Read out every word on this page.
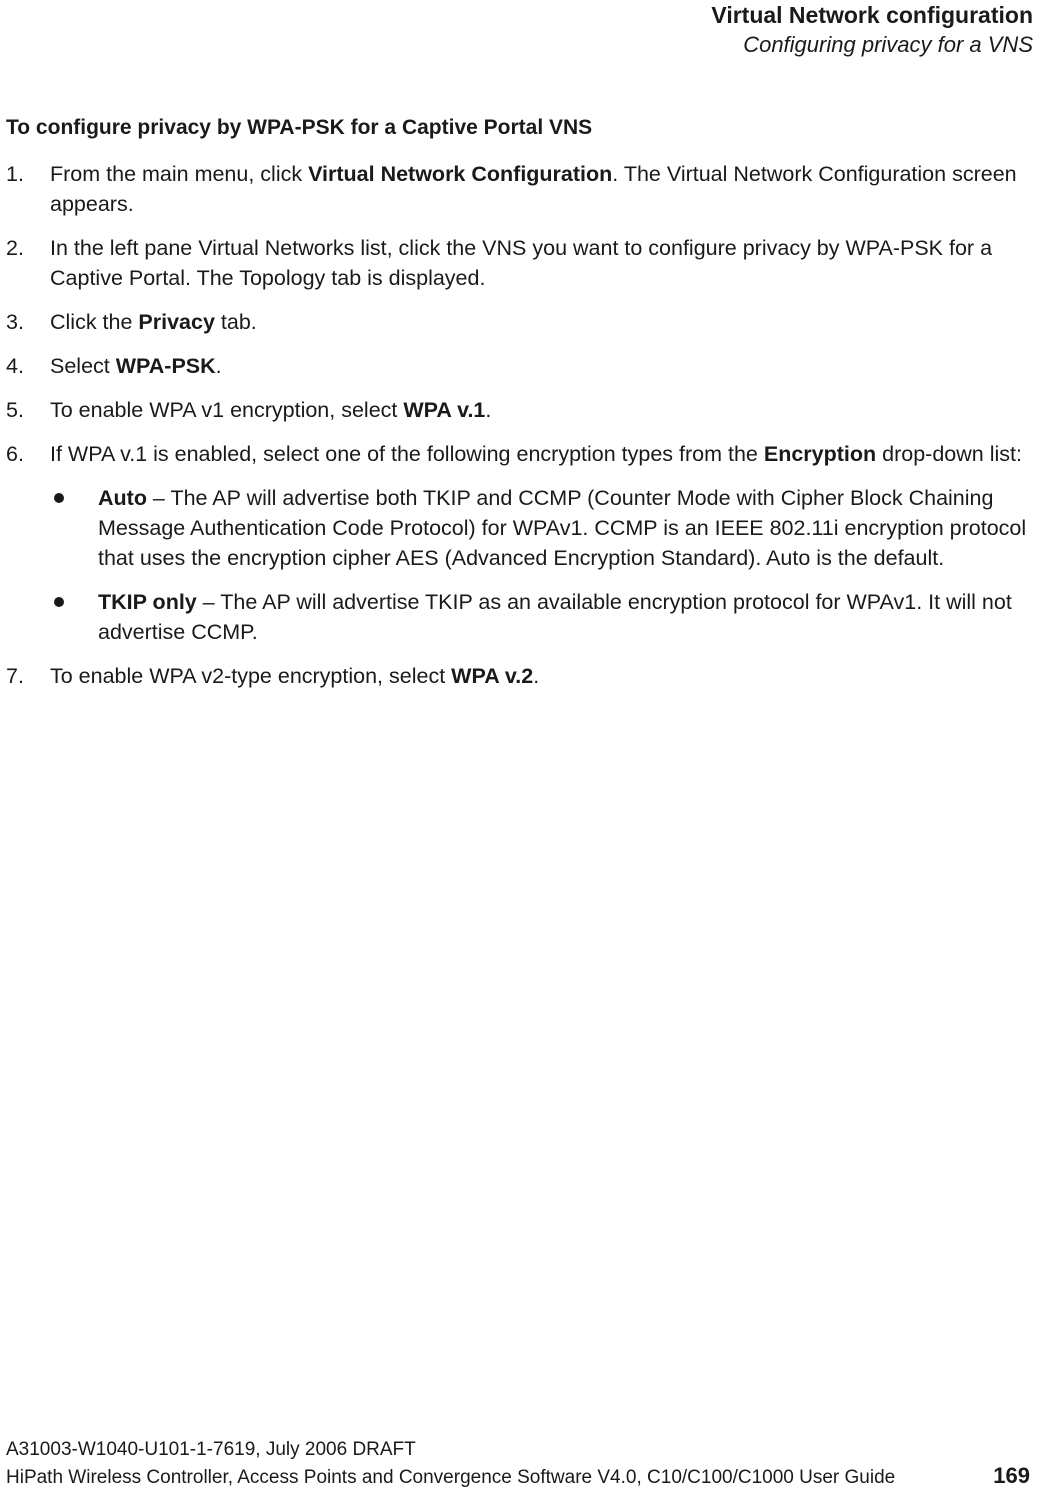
Virtual Network configuration
Configuring privacy for a VNS
To configure privacy by WPA-PSK for a Captive Portal VNS
1. From the main menu, click Virtual Network Configuration. The Virtual Network Configuration screen appears.
2. In the left pane Virtual Networks list, click the VNS you want to configure privacy by WPA-PSK for a Captive Portal. The Topology tab is displayed.
3. Click the Privacy tab.
4. Select WPA-PSK.
5. To enable WPA v1 encryption, select WPA v.1.
6. If WPA v.1 is enabled, select one of the following encryption types from the Encryption drop-down list:
Auto – The AP will advertise both TKIP and CCMP (Counter Mode with Cipher Block Chaining Message Authentication Code Protocol) for WPAv1. CCMP is an IEEE 802.11i encryption protocol that uses the encryption cipher AES (Advanced Encryption Standard). Auto is the default.
TKIP only – The AP will advertise TKIP as an available encryption protocol for WPAv1. It will not advertise CCMP.
7. To enable WPA v2-type encryption, select WPA v.2.
A31003-W1040-U101-1-7619, July 2006 DRAFT
HiPath Wireless Controller, Access Points and Convergence Software V4.0, C10/C100/C1000 User Guide	169
